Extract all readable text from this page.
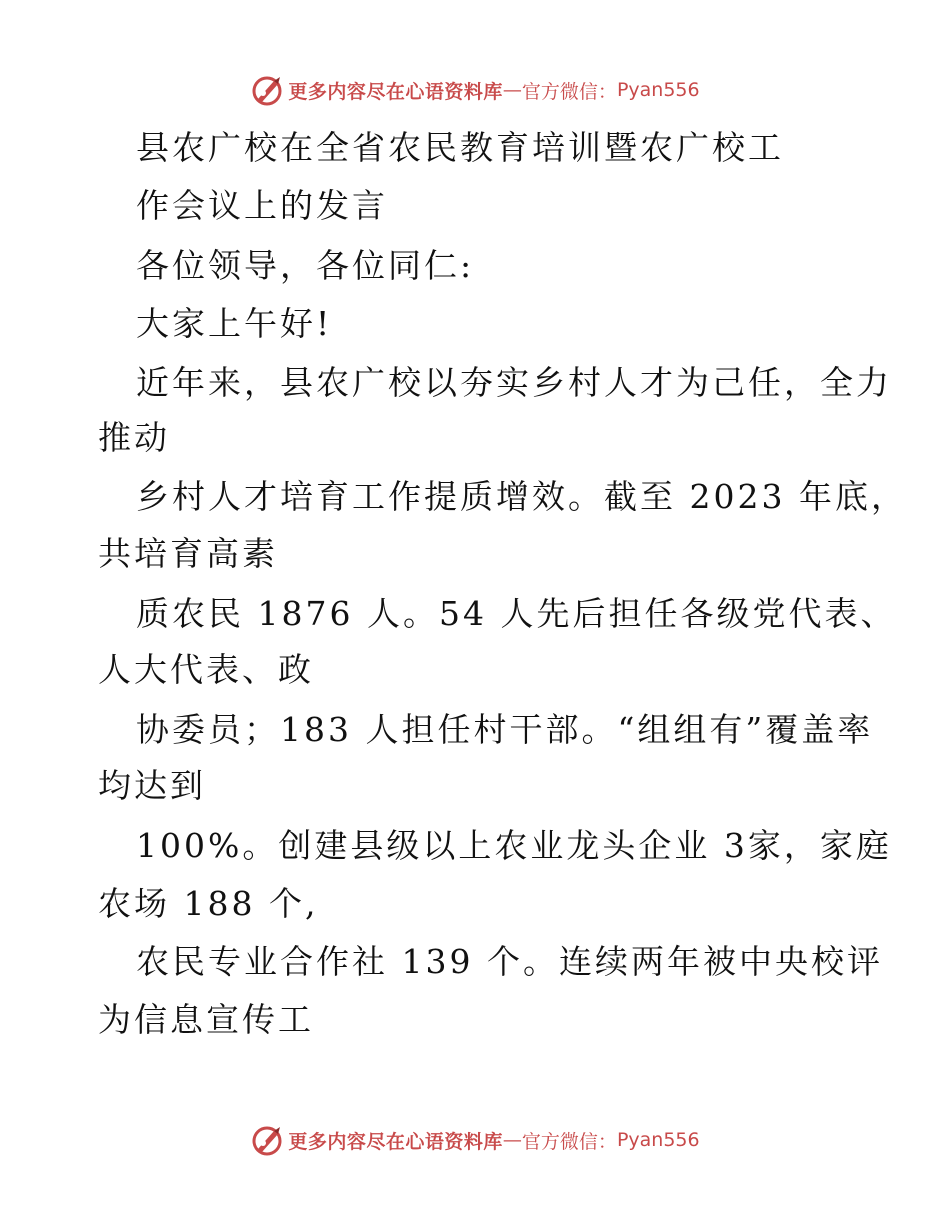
更多内容尽在心语资料库 — 官方微信： Pyan556
县农广校在全省农民教育培训暨农广校工
作会议上的发言
各位领导，各位同仁:
大家上午好!
近年来，县农广校以夯实乡村人才为己任，全力
推动
乡村人才培育工作提质增效。截至 2023 年底，
共培育高素
质农民 1876 人。54 人先后担任各级党代表、
人大代表、政
协委员；183 人担任村干部。“组组有”覆盖率
均达到
100%。创建县级以上农业龙头企业 3家，家庭
农场 188 个,
农民专业合作社 139 个。连续两年被中央校评
为信息宣传工
更多内容尽在心语资料库 — 官方微信： Pyan556
